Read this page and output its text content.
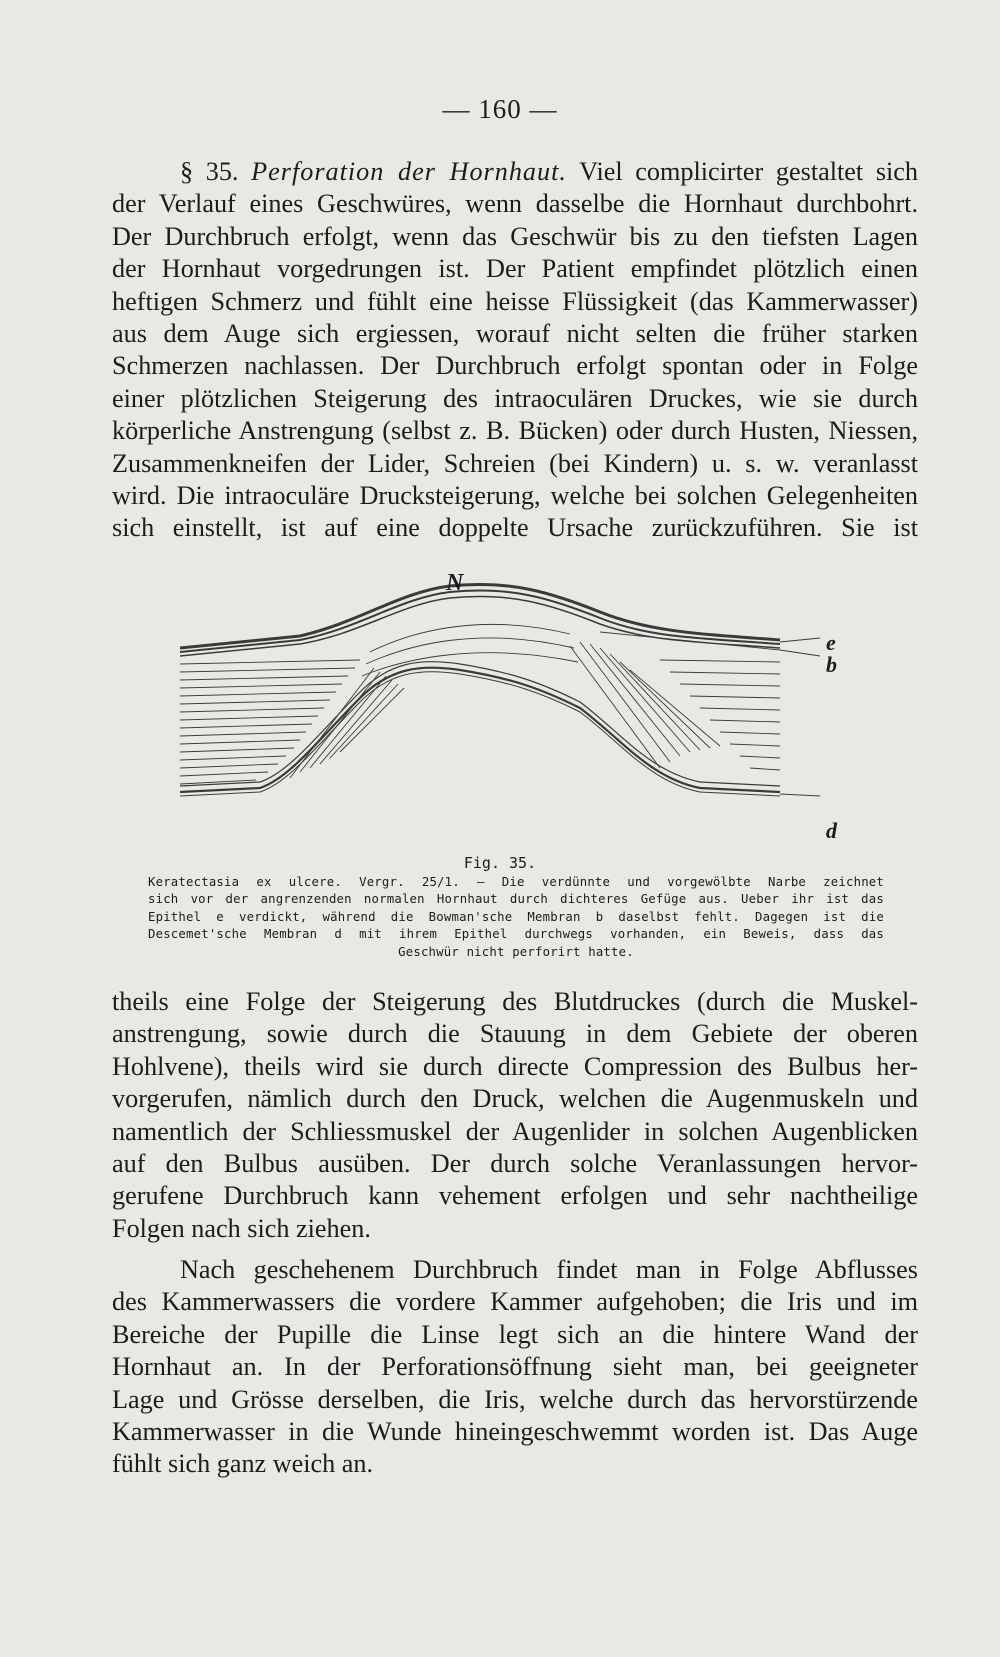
— 160 —
§ 35. Perforation der Hornhaut. Viel complicirter gestaltet sich
der Verlauf eines Geschwüres, wenn dasselbe die Hornhaut durchbohrt.
Der Durchbruch erfolgt, wenn das Geschwür bis zu den tiefsten Lagen
der Hornhaut vorgedrungen ist. Der Patient empfindet plötzlich einen
heftigen Schmerz und fühlt eine heisse Flüssigkeit (das Kammerwasser)
aus dem Auge sich ergiessen, worauf nicht selten die früher starken
Schmerzen nachlassen. Der Durchbruch erfolgt spontan oder in Folge
einer plötzlichen Steigerung des intraoculären Druckes, wie sie durch
körperliche Anstrengung (selbst z. B. Bücken) oder durch Husten, Niessen,
Zusammenkneifen der Lider, Schreien (bei Kindern) u. s. w. veranlasst
wird. Die intraoculäre Drucksteigerung, welche bei solchen Gelegenheiten
sich einstellt, ist auf eine doppelte Ursache zurückzuführen. Sie ist
N
e
b
d
Fig. 35.
Keratectasia ex ulcere. Vergr. 25/1. — Die verdünnte und vorgewölbte Narbe zeichnet
sich vor der angrenzenden normalen Hornhaut durch dichteres Gefüge aus. Ueber ihr ist das
Epithel e verdickt, während die Bowman'sche Membran b daselbst fehlt. Dagegen ist die
Descemet'sche Membran d mit ihrem Epithel durchwegs vorhanden, ein Beweis, dass das
Geschwür nicht perforirt hatte.
theils eine Folge der Steigerung des Blutdruckes (durch die Muskel-
anstrengung, sowie durch die Stauung in dem Gebiete der oberen
Hohlvene), theils wird sie durch directe Compression des Bulbus her-
vorgerufen, nämlich durch den Druck, welchen die Augenmuskeln und
namentlich der Schliessmuskel der Augenlider in solchen Augenblicken
auf den Bulbus ausüben. Der durch solche Veranlassungen hervor-
gerufene Durchbruch kann vehement erfolgen und sehr nachtheilige
Folgen nach sich ziehen.
Nach geschehenem Durchbruch findet man in Folge Abflusses
des Kammerwassers die vordere Kammer aufgehoben; die Iris und im
Bereiche der Pupille die Linse legt sich an die hintere Wand der
Hornhaut an. In der Perforationsöffnung sieht man, bei geeigneter
Lage und Grösse derselben, die Iris, welche durch das hervorstürzende
Kammerwasser in die Wunde hineingeschwemmt worden ist. Das Auge
fühlt sich ganz weich an.
